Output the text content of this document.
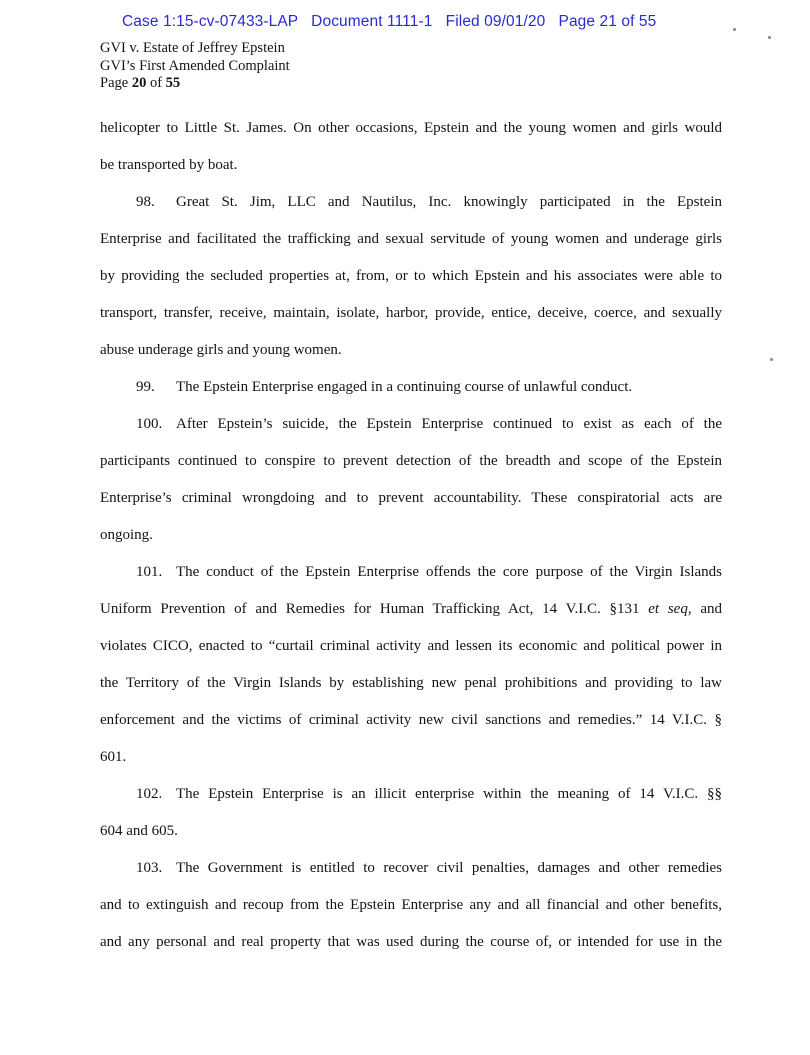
Case 1:15-cv-07433-LAP   Document 1111-1   Filed 09/01/20   Page 21 of 55
GVI v. Estate of Jeffrey Epstein
GVI’s First Amended Complaint
Page 20 of 55
helicopter to Little St. James. On other occasions, Epstein and the young women and girls would
be transported by boat.
98. Great St. Jim, LLC and Nautilus, Inc. knowingly participated in the Epstein
Enterprise and facilitated the trafficking and sexual servitude of young women and underage girls
by providing the secluded properties at, from, or to which Epstein and his associates were able to
transport, transfer, receive, maintain, isolate, harbor, provide, entice, deceive, coerce, and sexually
abuse underage girls and young women.
99. The Epstein Enterprise engaged in a continuing course of unlawful conduct.
100. After Epstein’s suicide, the Epstein Enterprise continued to exist as each of the
participants continued to conspire to prevent detection of the breadth and scope of the Epstein
Enterprise’s criminal wrongdoing and to prevent accountability. These conspiratorial acts are
ongoing.
101. The conduct of the Epstein Enterprise offends the core purpose of the Virgin Islands
Uniform Prevention of and Remedies for Human Trafficking Act, 14 V.I.C. §131 et seq, and
violates CICO, enacted to “curtail criminal activity and lessen its economic and political power in
the Territory of the Virgin Islands by establishing new penal prohibitions and providing to law
enforcement and the victims of criminal activity new civil sanctions and remedies.” 14 V.I.C. §
601.
102. The Epstein Enterprise is an illicit enterprise within the meaning of 14 V.I.C. §§
604 and 605.
103. The Government is entitled to recover civil penalties, damages and other remedies
and to extinguish and recoup from the Epstein Enterprise any and all financial and other benefits,
and any personal and real property that was used during the course of, or intended for use in the
